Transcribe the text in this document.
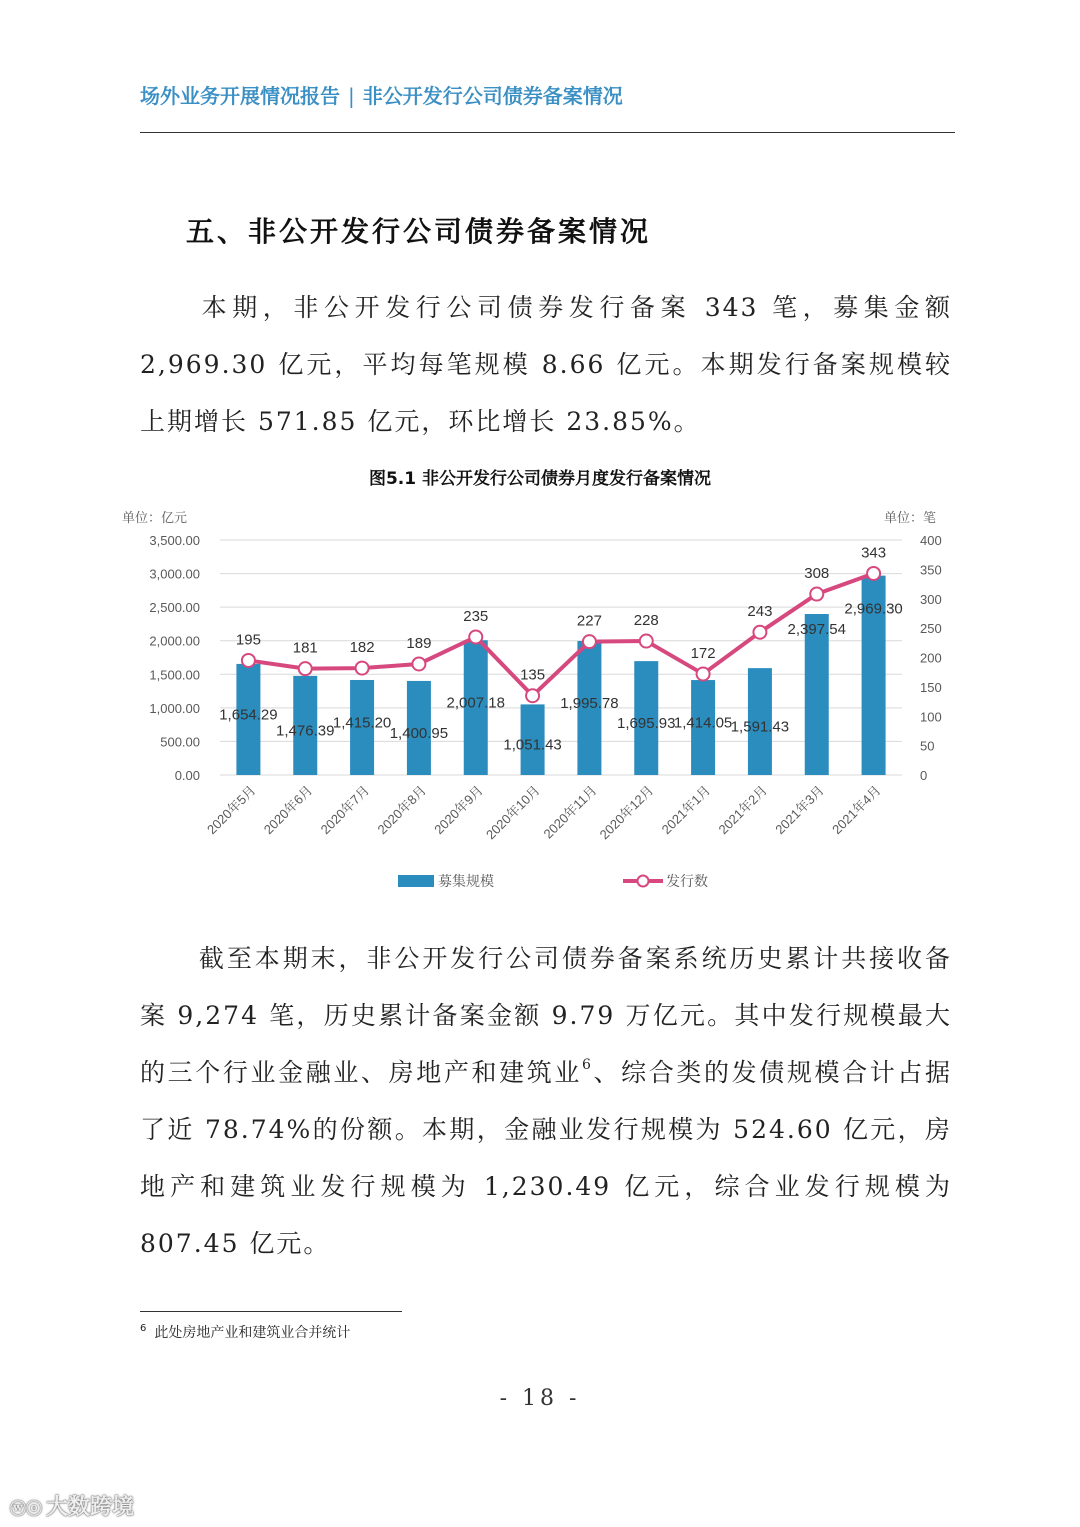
场外业务开展情况报告 | 非公开发行公司债券备案情况
五、非公开发行公司债券备案情况

本期，非公开发行公司债券发行备案 343 笔，募集金额2,969.30 亿元，平均每笔规模 8.66 亿元。本期发行备案规模较上期增长 571.85 亿元，环比增长 23.85%。

图5.1 非公开发行公司债券月度发行备案情况
单位：亿元	单位：笔
0.00
500.00
1,000.00
1,500.00
2,000.00
2,500.00
3,000.00
3,500.00
0
50
100
150
200
250
300
350
400
195 181 182 189
235
135
227 228
172
243
308
343
1,654.29
1,476.39
1,415.20
1,400.95
2,007.18
1,051.43
1,995.78
1,695.93
1,414.05
1,591.43
2,397.54
2,969.30
2020年5月 2020年6月 2020年7月 2020年8月 2020年9月
2020年10月
2020年11月
2020年12月 2021年1月 2021年2月 2021年3月 2021年4月
募集规模	发行数

截至本期末，非公开发行公司债券备案系统历史累计共接收备案 9,274 笔，历史累计备案金额 9.79 万亿元。其中发行规模最大的三个行业金融业、房地产和建筑业$^6$、综合类的发债规模合计占据了近 78.74%的份额。本期，金融业发行规模为 524.60 亿元，房地产和建筑业发行规模为 1,230.49 亿元，综合业发行规模为807.45 亿元。

$^6$ 此处房地产业和建筑业合并统计
- 18 -
ⓦⓞ 大数跨境
